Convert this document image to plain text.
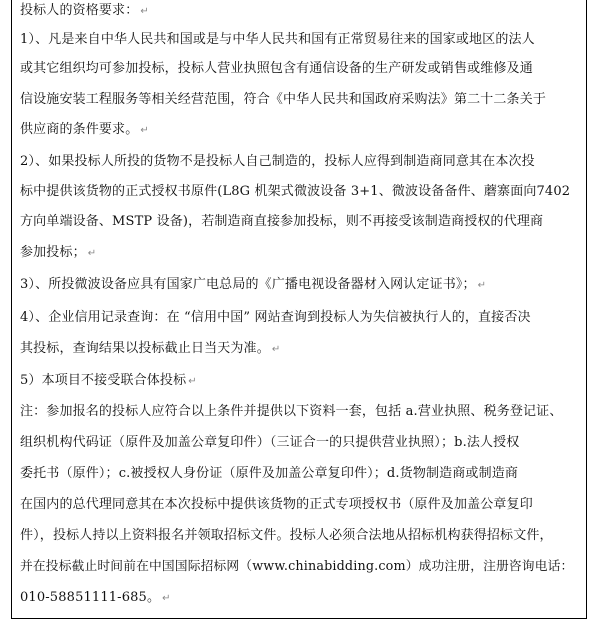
投标人的资格要求： ↵
1）、凡是来自中华人民共和国或是与中华人民共和国有正常贸易往来的国家或地区的法人
或其它组织均可参加投标，投标人营业执照包含有通信设备的生产研发或销售或维修及通
信设施安装工程服务等相关经营范围，符合《中华人民共和国政府采购法》第二十二条关于
供应商的条件要求。 ↵
2）、如果投标人所投的货物不是投标人自己制造的，投标人应得到制造商同意其在本次投
标中提供该货物的正式授权书原件(L8G 机架式微波设备 3+1、微波设备备件、蘑寨面向7402
方向单端设备、MSTP 设备)，若制造商直接参加投标，则不再接受该制造商授权的代理商
参加投标； ↵
3）、所投微波设备应具有国家广电总局的《广播电视设备器材入网认定证书》； ↵
4）、企业信用记录查询：在 “信用中国” 网站查询到投标人为失信被执行人的，直接否决
其投标，查询结果以投标截止日当天为准。 ↵
5）本项目不接受联合体投标 ↵
注：参加报名的投标人应符合以上条件并提供以下资料一套，包括 a.营业执照、税务登记证、
组织机构代码证（原件及加盖公章复印件）（三证合一的只提供营业执照）；b.法人授权
委托书（原件）；c.被授权人身份证（原件及加盖公章复印件）；d.货物制造商或制造商
在国内的总代理同意其在本次投标中提供该货物的正式专项授权书（原件及加盖公章复印
件），投标人持以上资料报名并领取招标文件。投标人必须合法地从招标机构获得招标文件，
并在投标截止时间前在中国国际招标网（www.chinabidding.com）成功注册，注册咨询电话：
010-58851111-685。 ↵
